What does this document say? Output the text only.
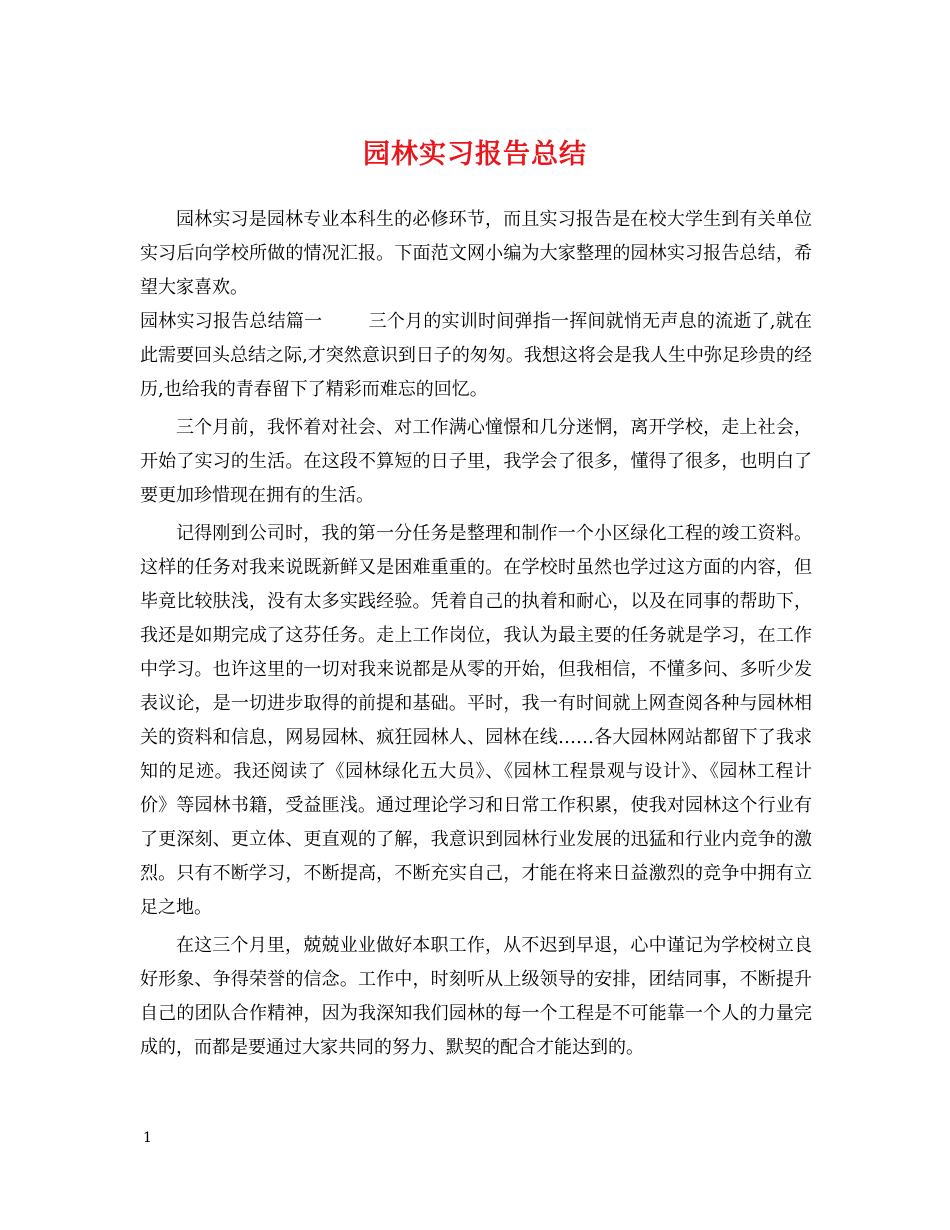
园林实习报告总结

园林实习是园林专业本科生的必修环节，而且实习报告是在校大学生到有关单位实习后向学校所做的情况汇报。下面范文网小编为大家整理的园林实习报告总结，希望大家喜欢。

园林实习报告总结篇一	三个月的实训时间弹指一挥间就悄无声息的流逝了,就在此需要回头总结之际,才突然意识到日子的匆匆。我想这将会是我人生中弥足珍贵的经历,也给我的青春留下了精彩而难忘的回忆。

三个月前，我怀着对社会、对工作满心憧憬和几分迷惘，离开学校，走上社会，开始了实习的生活。在这段不算短的日子里，我学会了很多，懂得了很多，也明白了要更加珍惜现在拥有的生活。

记得刚到公司时，我的第一分任务是整理和制作一个小区绿化工程的竣工资料。这样的任务对我来说既新鲜又是困难重重的。在学校时虽然也学过这方面的内容，但毕竟比较肤浅，没有太多实践经验。凭着自己的执着和耐心，以及在同事的帮助下，我还是如期完成了这芬任务。走上工作岗位，我认为最主要的任务就是学习，在工作中学习。也许这里的一切对我来说都是从零的开始，但我相信，不懂多问、多听少发表议论，是一切进步取得的前提和基础。平时，我一有时间就上网查阅各种与园林相关的资料和信息，网易园林、疯狂园林人、园林在线……各大园林网站都留下了我求知的足迹。我还阅读了《园林绿化五大员》、《园林工程景观与设计》、《园林工程计价》等园林书籍，受益匪浅。通过理论学习和日常工作积累，使我对园林这个行业有了更深刻、更立体、更直观的了解，我意识到园林行业发展的迅猛和行业内竞争的激烈。只有不断学习，不断提高，不断充实自己，才能在将来日益激烈的竞争中拥有立足之地。

在这三个月里，兢兢业业做好本职工作，从不迟到早退，心中谨记为学校树立良好形象、争得荣誉的信念。工作中，时刻听从上级领导的安排，团结同事，不断提升自己的团队合作精神，因为我深知我们园林的每一个工程是不可能靠一个人的力量完成的，而都是要通过大家共同的努力、默契的配合才能达到的。

1
